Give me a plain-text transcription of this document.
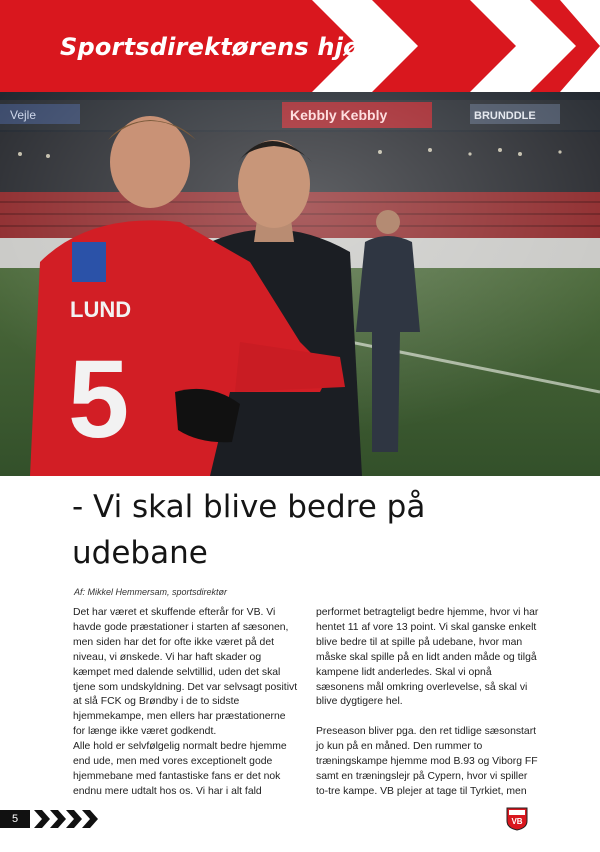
Sportsdirektørens hjørne
LUND
5
- Vi skal blive bedre på udebane
Af: Mikkel Hemmersam, sportsdirektør

Det har været et skuffende efterår for VB. Vi havde gode præstationer i starten af sæsonen, men siden har det for ofte ikke været på det niveau, vi ønskede. Vi har haft skader og kæmpet med dalende selvtillid, uden det skal tjene som undskyldning. Det var selvsagt positivt at slå FCK og Brøndby i de to sidste hjemmekampe, men ellers har præstationerne for længe ikke været godkendt.
Alle hold er selvfølgelig normalt bedre hjemme end ude, men med vores exceptionelt gode hjemmebane med fantastiske fans er det nok endnu mere udtalt hos os. Vi har i alt fald

performet betragteligt bedre hjemme, hvor vi har hentet 11 af vore 13 point. Vi skal ganske enkelt blive bedre til at spille på udebane, hvor man måske skal spille på en lidt anden måde og tilgå kampene lidt anderledes. Skal vi opnå sæsonens mål omkring overlevelse, så skal vi blive dygtigere hel.

Preseason bliver pga. den ret tidlige sæsonstart jo kun på en måned. Den rummer to træningskampe hjemme mod B.93 og Viborg FF samt en træningslejr på Cypern, hvor vi spiller to-tre kampe. VB plejer at tage til Tyrkiet, men

5	VB
